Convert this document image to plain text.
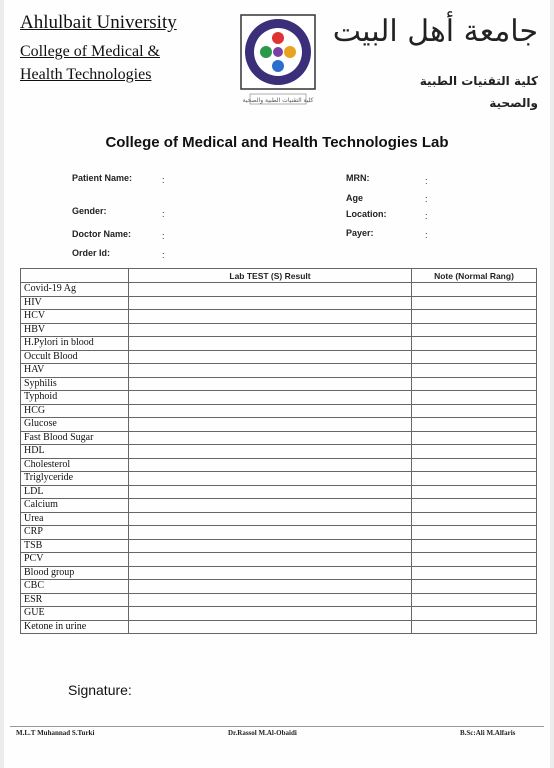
Ahlulbait University
College of Medical &
Health Technologies
كلية التقنيات الطبية والصحية
جامعة أهل البيت
كلية التقنيات الطبية
والصحية
College of Medical and Health Technologies Lab
Patient Name:	:
Gender:	:
Doctor Name:	:
Order Id:	:
MRN:	:
Age	:
Location:	:
Payer:	:
	Lab TEST (S) Result	Note (Normal Rang)
Covid-19 Ag		
HIV		
HCV		
HBV		
H.Pylori in blood		
Occult Blood		
HAV		
Syphilis		
Typhoid		
HCG		
Glucose		
Fast Blood Sugar		
HDL		
Cholesterol		
Triglyceride		
LDL		
Calcium		
Urea		
CRP		
TSB		
PCV		
Blood group		
CBC		
ESR		
GUE		
Ketone in urine		
Signature:
M.L.T Muhannad S.Turki	Dr.Rassol M.Al-Obaidi	B.Sc:Ali M.Alfaris
